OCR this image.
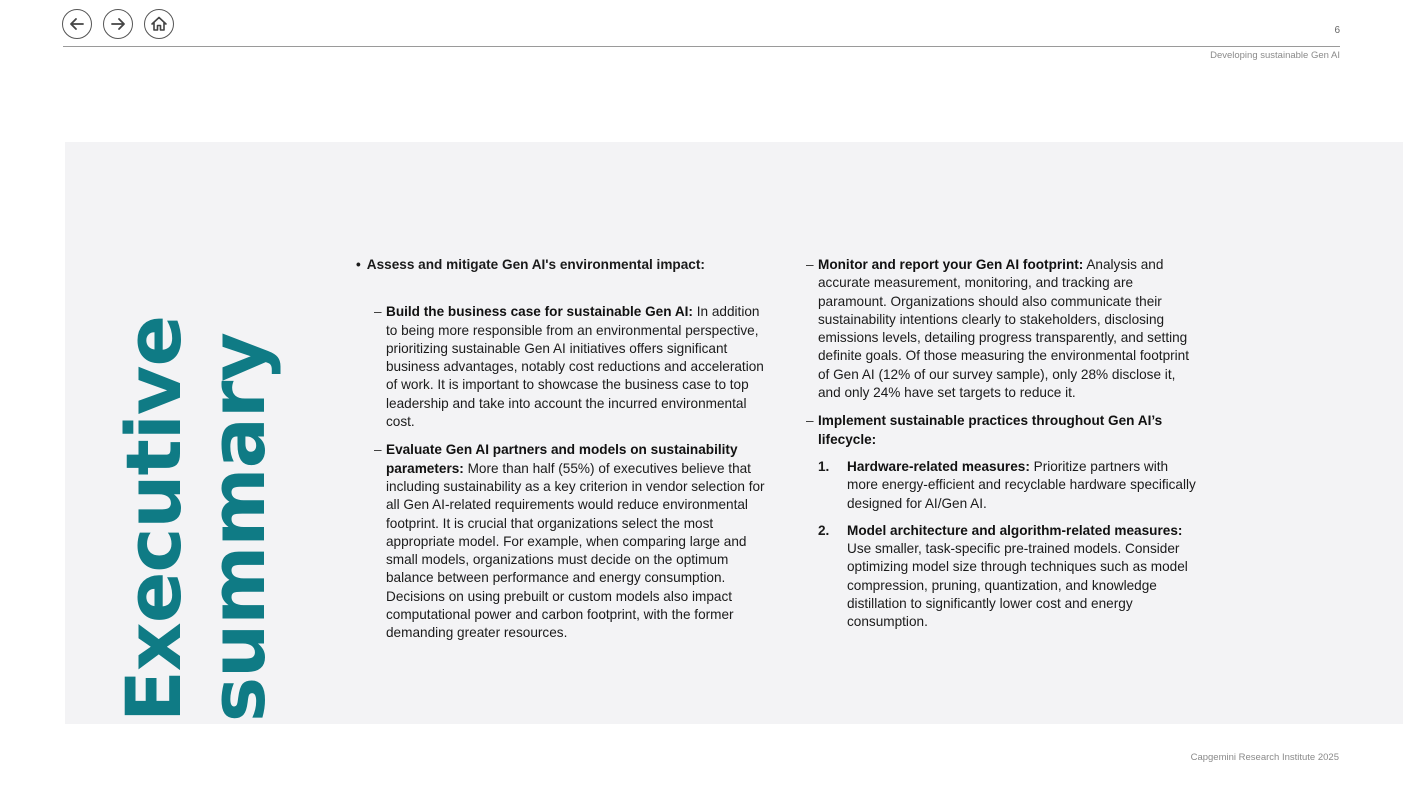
6
Developing sustainable Gen AI
Executive
summary
• Assess and mitigate Gen AI's environmental impact:
– Build the business case for sustainable Gen AI: In addition to being more responsible from an environmental perspective, prioritizing sustainable Gen AI initiatives offers significant business advantages, notably cost reductions and acceleration of work. It is important to showcase the business case to top leadership and take into account the incurred environmental cost.
– Evaluate Gen AI partners and models on sustainability parameters: More than half (55%) of executives believe that including sustainability as a key criterion in vendor selection for all Gen AI-related requirements would reduce environmental footprint. It is crucial that organizations select the most appropriate model. For example, when comparing large and small models, organizations must decide on the optimum balance between performance and energy consumption. Decisions on using prebuilt or custom models also impact computational power and carbon footprint, with the former demanding greater resources.
– Monitor and report your Gen AI footprint: Analysis and accurate measurement, monitoring, and tracking are paramount. Organizations should also communicate their sustainability intentions clearly to stakeholders, disclosing emissions levels, detailing progress transparently, and setting definite goals. Of those measuring the environmental footprint of Gen AI (12% of our survey sample), only 28% disclose it, and only 24% have set targets to reduce it.
– Implement sustainable practices throughout Gen AI’s lifecycle:
1.	Hardware-related measures: Prioritize partners with more energy-efficient and recyclable hardware specifically designed for AI/Gen AI.
2.	Model architecture and algorithm-related measures: Use smaller, task-specific pre-trained models. Consider optimizing model size through techniques such as model compression, pruning, quantization, and knowledge distillation to significantly lower cost and energy consumption.
Capgemini Research Institute 2025
